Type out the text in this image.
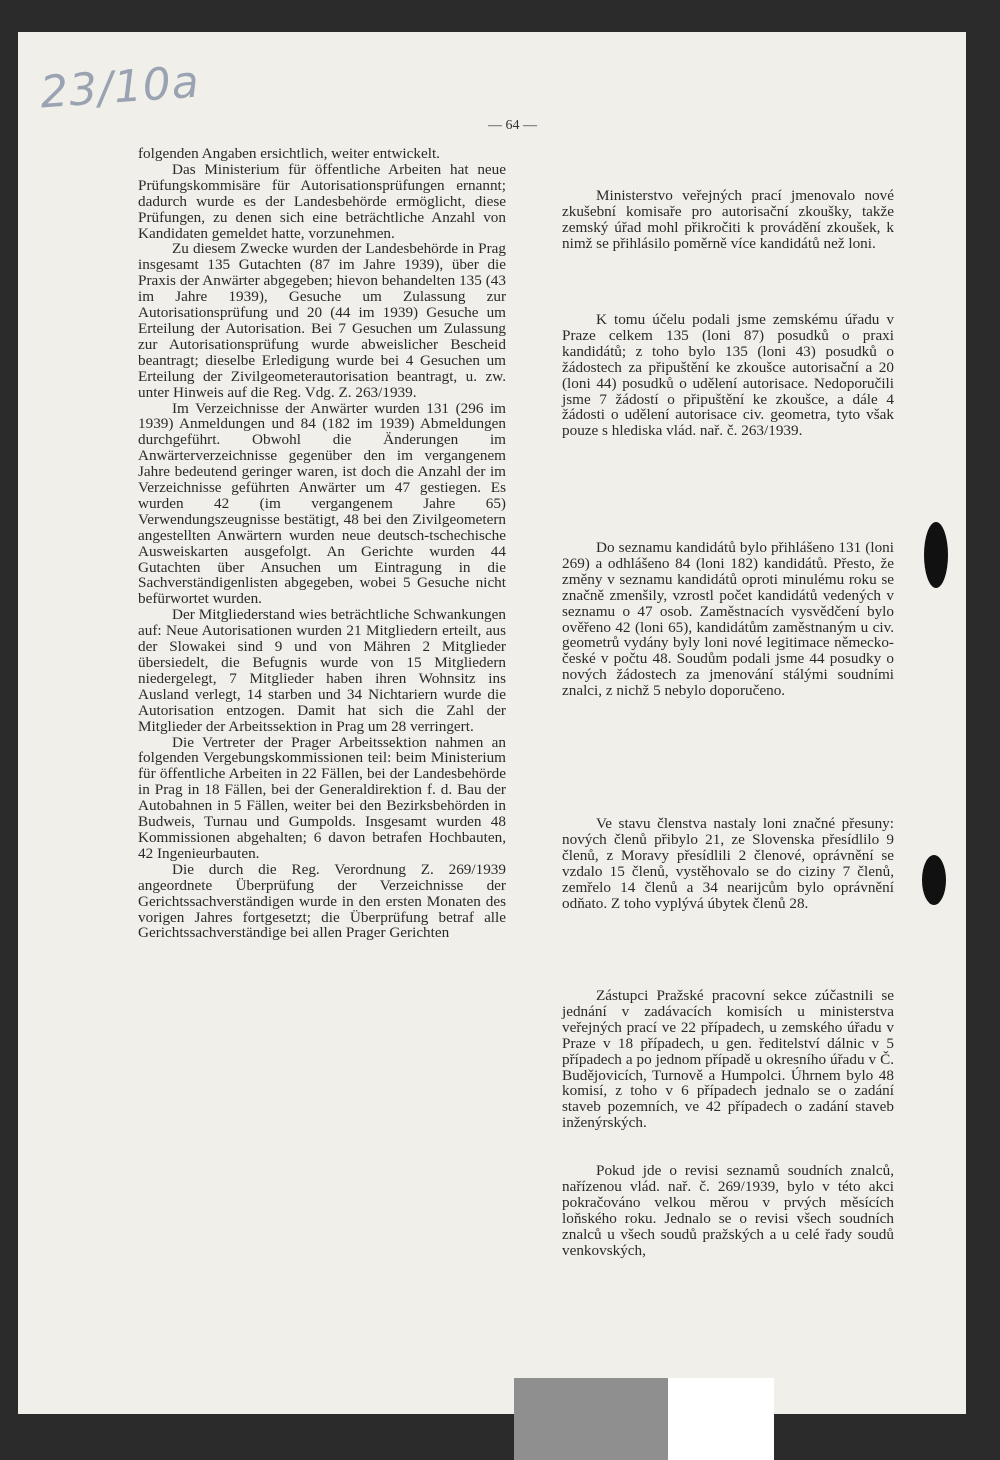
23/10a
— 64 —

folgenden Angaben ersichtlich, weiter entwickelt.

Das Ministerium für öffentliche Arbeiten hat neue Prüfungskommisäre für Autorisationsprüfungen ernannt; dadurch wurde es der Landesbehörde ermöglicht, diese Prüfungen, zu denen sich eine beträchtliche Anzahl von Kandidaten gemeldet hatte, vorzunehmen.

Zu diesem Zwecke wurden der Landesbehörde in Prag insgesamt 135 Gutachten (87 im Jahre 1939), über die Praxis der Anwärter abgegeben; hievon behandelten 135 (43 im Jahre 1939), Gesuche um Zulassung zur Autorisationsprüfung und 20 (44 im 1939) Gesuche um Erteilung der Autorisation. Bei 7 Gesuchen um Zulassung zur Autorisationsprüfung wurde abweislicher Bescheid beantragt; dieselbe Erledigung wurde bei 4 Gesuchen um Erteilung der Zivilgeometerautorisation beantragt, u. zw. unter Hinweis auf die Reg. Vdg. Z. 263/1939.

Im Verzeichnisse der Anwärter wurden 131 (296 im 1939) Anmeldungen und 84 (182 im 1939) Abmeldungen durchgeführt. Obwohl die Änderungen im Anwärterverzeichnisse gegenüber den im vergangenem Jahre bedeutend geringer waren, ist doch die Anzahl der im Verzeichnisse geführten Anwärter um 47 gestiegen. Es wurden 42 (im vergangenem Jahre 65) Verwendungszeugnisse bestätigt, 48 bei den Zivilgeometern angestellten Anwärtern wurden neue deutsch-tschechische Ausweiskarten ausgefolgt. An Gerichte wurden 44 Gutachten über Ansuchen um Eintragung in die Sachverständigenlisten abgegeben, wobei 5 Gesuche nicht befürwortet wurden.

Der Mitgliederstand wies beträchtliche Schwankungen auf: Neue Autorisationen wurden 21 Mitgliedern erteilt, aus der Slowakei sind 9 und von Mähren 2 Mitglieder übersiedelt, die Befugnis wurde von 15 Mitgliedern niedergelegt, 7 Mitglieder haben ihren Wohnsitz ins Ausland verlegt, 14 starben und 34 Nichtariern wurde die Autorisation entzogen. Damit hat sich die Zahl der Mitglieder der Arbeitssektion in Prag um 28 verringert.

Die Vertreter der Prager Arbeitssektion nahmen an folgenden Vergebungskommissionen teil: beim Ministerium für öffentliche Arbeiten in 22 Fällen, bei der Landesbehörde in Prag in 18 Fällen, bei der Generaldirektion f. d. Bau der Autobahnen in 5 Fällen, weiter bei den Bezirksbehörden in Budweis, Turnau und Gumpolds. Insgesamt wurden 48 Kommissionen abgehalten; 6 davon betrafen Hochbauten, 42 Ingenieurbauten.

Die durch die Reg. Verordnung Z. 269/1939 angeordnete Überprüfung der Verzeichnisse der Gerichtssachverständigen wurde in den ersten Monaten des vorigen Jahres fortgesetzt; die Überprüfung betraf alle Gerichtssachverständige bei allen Prager Gerichten

Ministerstvo veřejných prací jmenovalo nové zkušební komisaře pro autorisační zkoušky, takže zemský úřad mohl přikročiti k provádění zkoušek, k nimž se přihlásilo poměrně více kandidátů než loni.

K tomu účelu podali jsme zemskému úřadu v Praze celkem 135 (loni 87) posudků o praxi kandidátů; z toho bylo 135 (loni 43) posudků o žádostech za připuštění ke zkoušce autorisační a 20 (loni 44) posudků o udělení autorisace. Nedoporučili jsme 7 žádostí o připuštění ke zkoušce, a dále 4 žádosti o udělení autorisace civ. geometra, tyto však pouze s hlediska vlád. nař. č. 263/1939.

Do seznamu kandidátů bylo přihlášeno 131 (loni 269) a odhlášeno 84 (loni 182) kandidátů. Přesto, že změny v seznamu kandidátů oproti minulému roku se značně zmenšily, vzrostl počet kandidátů vedených v seznamu o 47 osob. Zaměstnacích vysvědčení bylo ověřeno 42 (loni 65), kandidátům zaměstnaným u civ. geometrů vydány byly loni nové legitimace německo-české v počtu 48. Soudům podali jsme 44 posudky o nových žádostech za jmenování stálými soudními znalci, z nichž 5 nebylo doporučeno.

Ve stavu členstva nastaly loni značné přesuny: nových členů přibylo 21, ze Slovenska přesídlilo 9 členů, z Moravy přesídlili 2 členové, oprávnění se vzdalo 15 členů, vystěhovalo se do ciziny 7 členů, zemřelo 14 členů a 34 nearijcům bylo oprávnění odňato. Z toho vyplývá úbytek členů 28.

Zástupci Pražské pracovní sekce zúčastnili se jednání v zadávacích komisích u ministerstva veřejných prací ve 22 případech, u zemského úřadu v Praze v 18 případech, u gen. ředitelství dálnic v 5 případech a po jednom případě u okresního úřadu v Č. Budějovicích, Turnově a Humpolci. Úhrnem bylo 48 komisí, z toho v 6 případech jednalo se o zadání staveb pozemních, ve 42 případech o zadání staveb inženýrských.

Pokud jde o revisi seznamů soudních znalců, nařízenou vlád. nař. č. 269/1939, bylo v této akci pokračováno velkou měrou v prvých měsících loňského roku. Jednalo se o revisi všech soudních znalců u všech soudů pražských a u celé řady soudů venkovských,
